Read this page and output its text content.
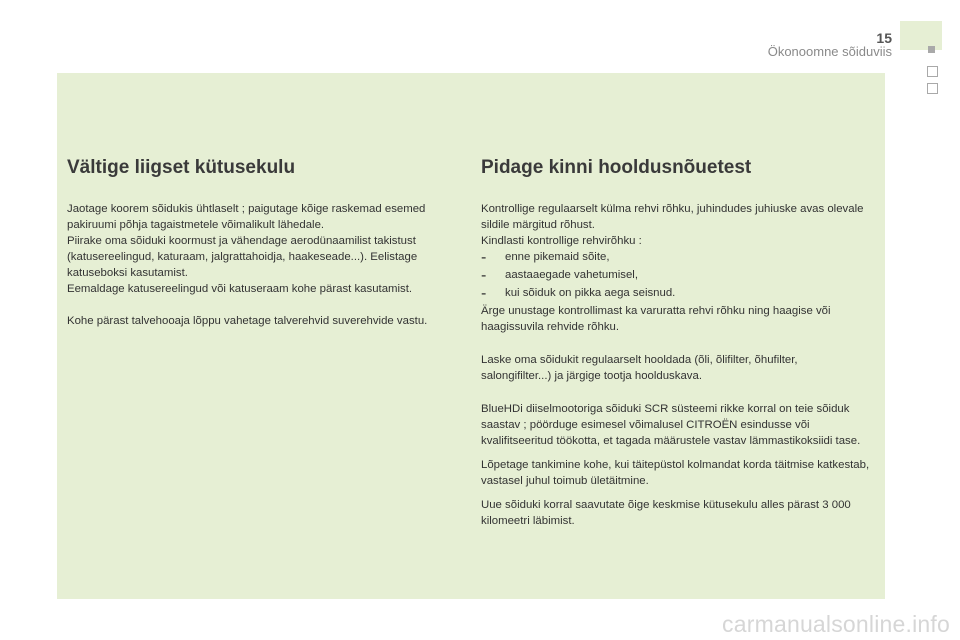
15
Ökonoomne sõiduviis
Vältige liigset kütusekulu

Jaotage koorem sõidukis ühtlaselt ; paigutage kõige raskemad esemed pakiruumi põhja tagaistmetele võimalikult lähedale.

Piirake oma sõiduki koormust ja vähendage aerodünaamilist takistust (katusereelingud, katuraam, jalgrattahoidja, haakeseade...). Eelistage katuseboksi kasutamist.

Eemaldage katusereelingud või katuseraam kohe pärast kasutamist.

Kohe pärast talvehooaja lõppu vahetage talverehvid suverehvide vastu.

Pidage kinni hooldusnõuetest

Kontrollige regulaarselt külma rehvi rõhku, juhindudes juhiuske avas olevale sildile märgitud rõhust.

Kindlasti kontrollige rehvirõhku :

-	enne pikemaid sõite,

-	aastaaegade vahetumisel,

-	kui sõiduk on pikka aega seisnud.

Ärge unustage kontrollimast ka varuratta rehvi rõhku ning haagise või haagissuvila rehvide rõhku.

Laske oma sõidukit regulaarselt hooldada (õli, õlifilter, õhufilter, salongifilter...) ja järgige tootja hoolduskava.

BlueHDi diiselmootoriga sõiduki SCR süsteemi rikke korral on teie sõiduk saastav ; pöörduge esimesel võimalusel CITROËN esindusse või kvalifitseeritud töökotta, et tagada määrustele vastav lämmastikoksiidi tase.

Lõpetage tankimine kohe, kui täitepüstol kolmandat korda täitmise katkestab, vastasel juhul toimub ületäitmine.

Uue sõiduki korral saavutate õige keskmise kütusekulu alles pärast 3 000 kilomeetri läbimist.

carmanualsonline.info
